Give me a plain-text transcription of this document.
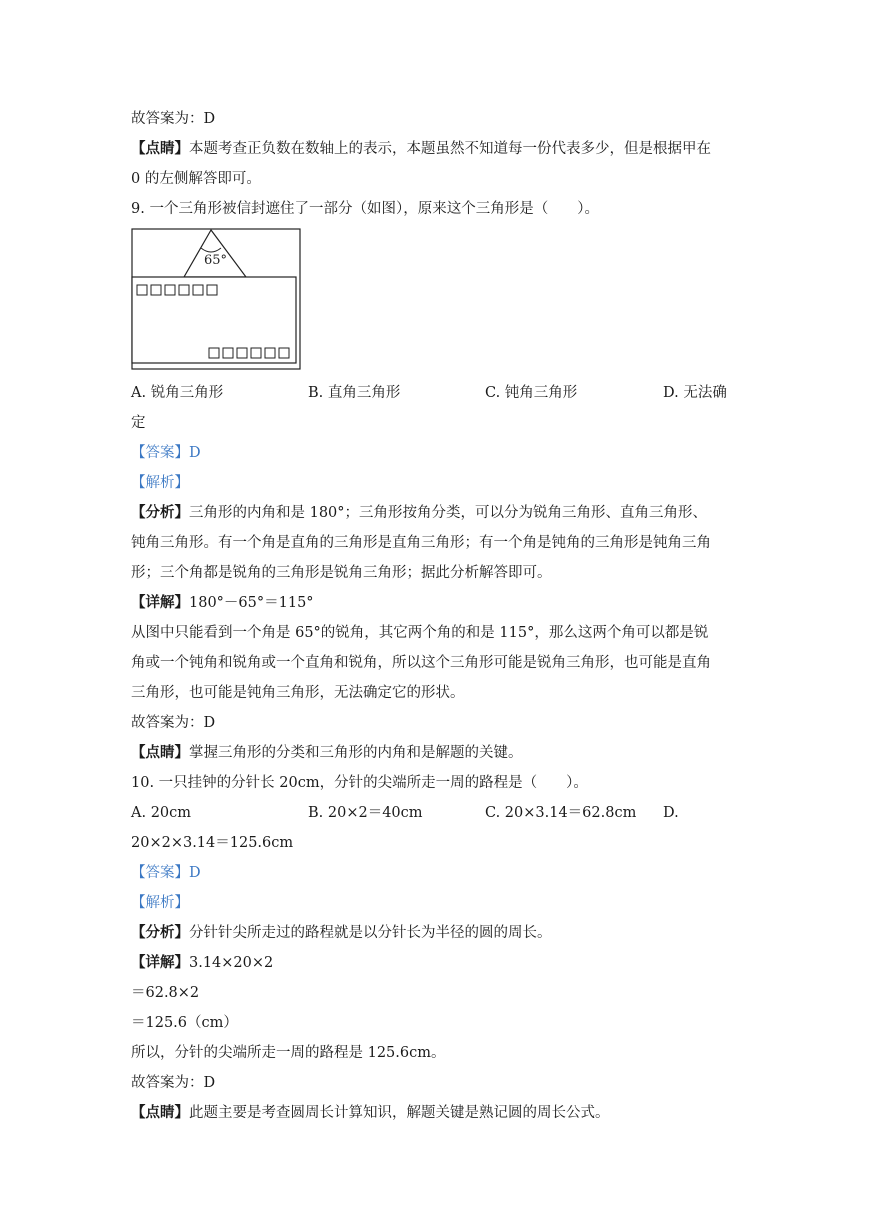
故答案为：D
【点睛】本题考查正负数在数轴上的表示，本题虽然不知道每一份代表多少，但是根据甲在
0 的左侧解答即可。
9. 一个三角形被信封遮住了一部分（如图），原来这个三角形是（　　）。
65°
A. 锐角三角形	B. 直角三角形	C. 钝角三角形	D. 无法确
定
【答案】D
【解析】
【分析】三角形的内角和是 180°；三角形按角分类，可以分为锐角三角形、直角三角形、
钝角三角形。有一个角是直角的三角形是直角三角形；有一个角是钝角的三角形是钝角三角
形；三个角都是锐角的三角形是锐角三角形；据此分析解答即可。
【详解】180°－65°＝115°
从图中只能看到一个角是 65°的锐角，其它两个角的和是 115°，那么这两个角可以都是锐
角或一个钝角和锐角或一个直角和锐角，所以这个三角形可能是锐角三角形，也可能是直角
三角形，也可能是钝角三角形，无法确定它的形状。
故答案为：D
【点睛】掌握三角形的分类和三角形的内角和是解题的关键。
10. 一只挂钟的分针长 20cm，分针的尖端所走一周的路程是（　　）。
A. 20cm	B. 20×2＝40cm	C. 20×3.14＝62.8cm D.
20×2×3.14＝125.6cm
【答案】D
【解析】
【分析】分针针尖所走过的路程就是以分针长为半径的圆的周长。
【详解】3.14×20×2
＝62.8×2
＝125.6（cm）
所以，分针的尖端所走一周的路程是 125.6cm。
故答案为：D
【点睛】此题主要是考查圆周长计算知识，解题关键是熟记圆的周长公式。
